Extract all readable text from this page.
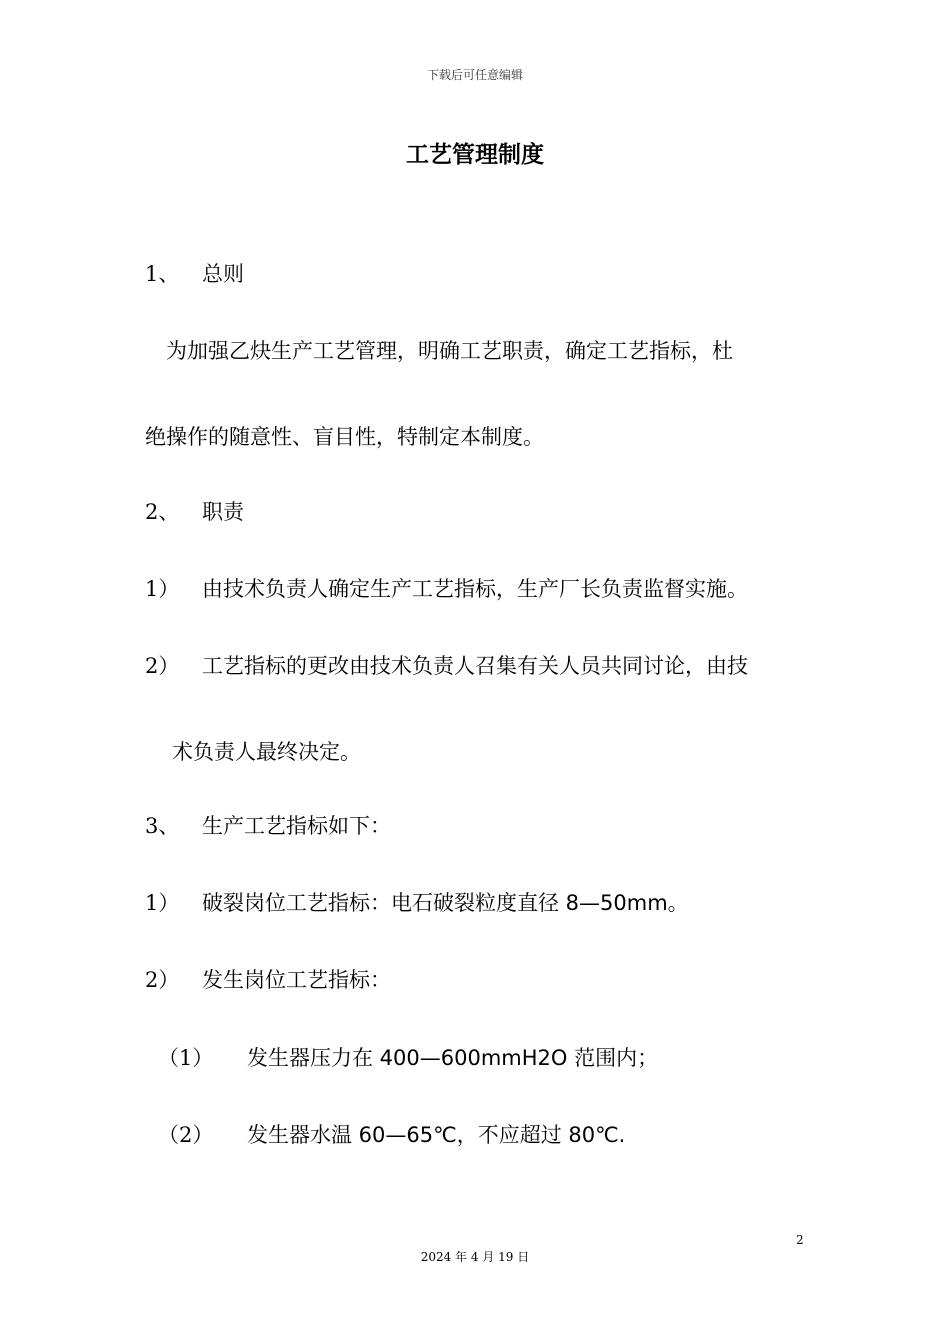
下载后可任意编辑
工艺管理制度
1、 总则
为加强乙炔生产工艺管理，明确工艺职责，确定工艺指标，杜
绝操作的随意性、盲目性，特制定本制度。
2、 职责
1） 由技术负责人确定生产工艺指标，生产厂长负责监督实施。
2） 工艺指标的更改由技术负责人召集有关人员共同讨论，由技
术负责人最终决定。
3、 生产工艺指标如下：
1） 破裂岗位工艺指标：电石破裂粒度直径 8—50mm。
2） 发生岗位工艺指标：
（1） 发生器压力在 400—600mmH2O 范围内；
（2） 发生器水温 60—65℃，不应超过 80℃.
2
2024 年 4 月 19 日
